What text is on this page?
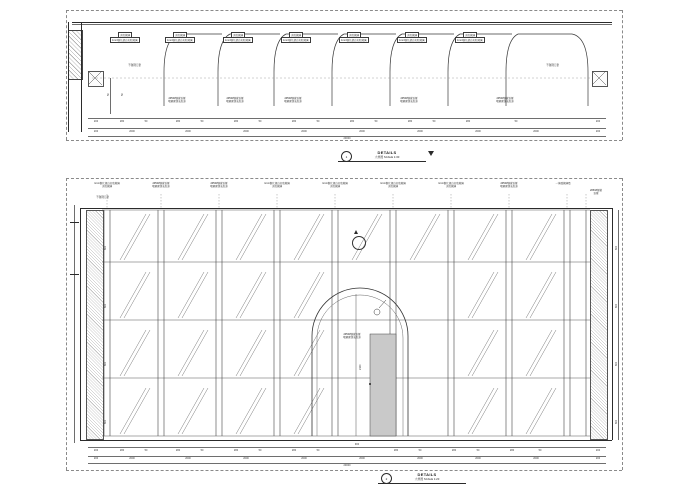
夹胶玻璃
1mm钢化超白夹胶玻璃
夹胶玻璃
1mm钢化超白夹胶玻璃
夹胶玻璃
1mm钢化超白夹胶玻璃
夹胶玻璃
1mm钢化超白夹胶玻璃
夹胶玻璃
1mm钢化超白夹胶玻璃
夹胶玻璃
1mm钢化超白夹胶玻璃
夹胶玻璃
1mm钢化超白夹胶玻璃
2#50#钢管竖框
喷氟碳深灰色漆
2#50#钢管竖框
喷氟碳深灰色漆
2#50#钢管竖框
喷氟碳深灰色漆
2#50#钢管竖框
喷氟碳深灰色漆
2#50#钢管竖框
喷氟碳深灰色漆
不锈钢门套	不锈钢门套
50	50
200	280	50	280	50	280	50	280	50	280	50	280	50	280	50	200
200	2000	2000	2000	2000	2000	2000	2000	2000	200
20000
1
DETAILS
大样图 SCALE 1:30
1mm钢化超白夹胶玻璃
夹胶玻璃
2#50#钢管竖框
喷氟碳深灰色漆
2#50#钢管竖框
喷氟碳深灰色漆
1mm钢化超白夹胶玻璃
夹胶玻璃
1mm钢化超白夹胶玻璃
夹胶玻璃
1mm钢化超白夹胶玻璃
夹胶玻璃
1mm钢化超白夹胶玻璃
夹胶玻璃
2#50#钢管竖框
喷氟碳深灰色漆
一体面玻璃墙
2#50#钢管
竖框
2#50#钢管竖框
喷氟碳深灰色漆
2100
900
不锈钢门套
600
600
600
600
600
600
600
600
200	280	50	280	50	280	50	280	50	280	50	280	50	280	50	200
200	2000	2000	2000	2000	2000	2000	2000	2000	200
20000
2
DETAILS
大样图 SCALE 1:20
